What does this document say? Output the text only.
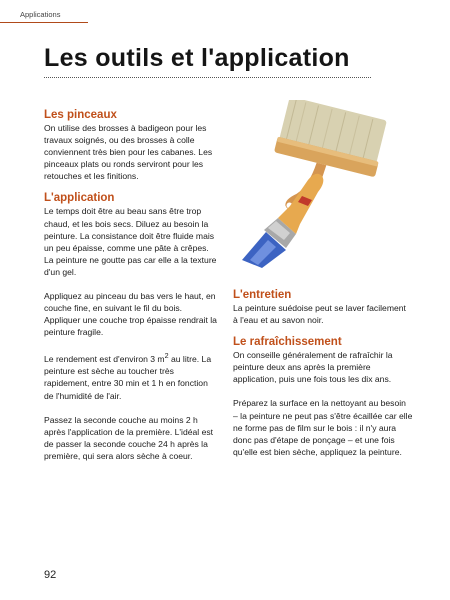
Applications
Les outils et l'application
Les pinceaux

On utilise des brosses à badigeon pour les travaux soignés, ou des brosses à colle conviennent très bien pour les cabanes. Les pinceaux plats ou ronds serviront pour les retouches et les finitions.

L'application

Le temps doit être au beau sans être trop chaud, et les bois secs. Diluez au besoin la peinture. La consistance doit être fluide mais un peu épaisse, comme une pâte à crêpes. La peinture ne goutte pas car elle a la texture d'un gel.

Appliquez au pinceau du bas vers le haut, en couche fine, en suivant le fil du bois. Appliquer une couche trop épaisse rendrait la peinture fragile.

Le rendement est d'environ 3 $m^2$ au litre. La peinture est sèche au toucher très rapidement, entre 30 min et 1 h en fonction de l'humidité de l'air.

Passez la seconde couche au moins 2 h après l'application de la première. L'idéal est de passer la seconde couche 24 h après la première, qui sera alors sèche à coeur.

L'entretien

La peinture suédoise peut se laver facilement à l'eau et au savon noir.

Le rafraîchissement

On conseille généralement de rafraîchir la peinture deux ans après la première application, puis une fois tous les dix ans.

Préparez la surface en la nettoyant au besoin – la peinture ne peut pas s'être écaillée car elle ne forme pas de film sur le bois : il n'y aura donc pas d'étape de ponçage – et une fois qu'elle est bien sèche, appliquez la peinture.

92
